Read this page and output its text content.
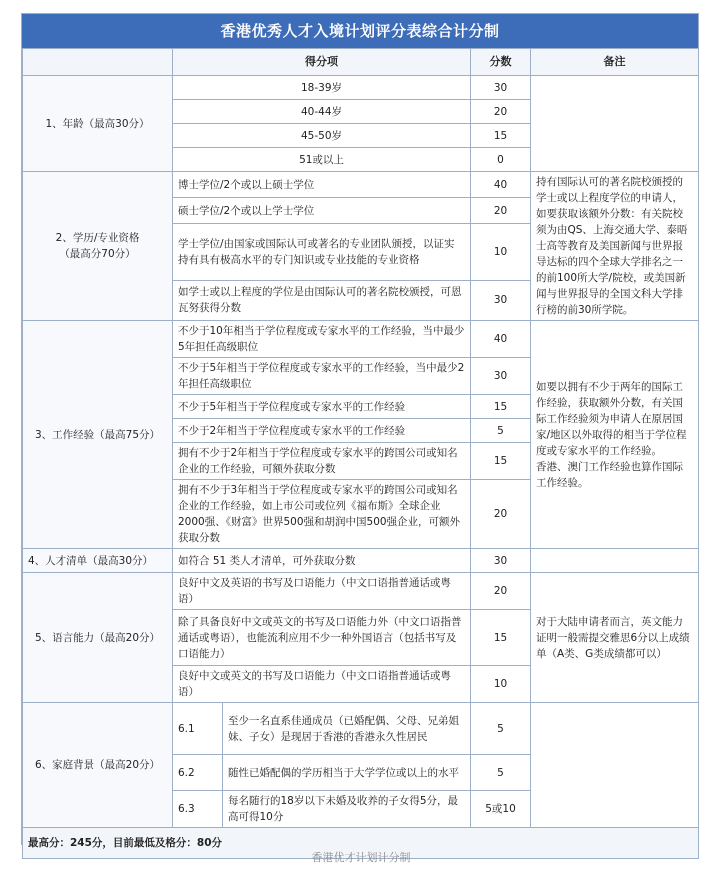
香港优秀人才入境计划评分表综合计分制
	得分项		分数	备注
1、年龄（最高30分）	18-39岁		30	
	40-44岁		20	
	45-50岁		15	
	51或以上		0	

2、学历/专业资格
（最高分70分）	博士学位/2个或以上硕士学位		40	持有国际认可的著名院校颁授的学士或以上程度学位的申请人，如要获取该额外分数：有关院校须为由QS、上海交通大学、泰晤士高等教育及美国新闻与世界报导达标的四个全球大学排名之一的前100所大学/院校，或美国新闻与世界报导的全国文科大学排行榜的前30所学院。
	硕士学位/2个或以上学士学位		20	
	学士学位/由国家或国际认可或著名的专业团队颁授，以证实持有具有极高水平的专门知识或专业技能的专业资格		10	
	如学士或以上程度的学位是由国际认可的著名院校颁授，可恩瓦努获得分数		30	
3、工作经验（最高75分）	不少于10年相当于学位程度或专家水平的工作经验，当中最少5年担任高级职位		40	如要以拥有不少于两年的国际工作经验，获取额外分数，有关国际工作经验须为申请人在原居国家/地区以外取得的相当于学位程度或专家水平的工作经验。
香港、澳门工作经验也算作国际工作经验。
	不少于5年相当于学位程度或专家水平的工作经验，当中最少2年担任高级职位		30	
	不少于5年相当于学位程度或专家水平的工作经验		15	
	不少于2年相当于学位程度或专家水平的工作经验		5	
	拥有不少于2年相当于学位程度或专家水平的跨国公司或知名企业的工作经验，可额外获取分数		15	
	拥有不少于3年相当于学位程度或专家水平的跨国公司或知名企业的工作经验，如上市公司或位列《福布斯》全球企业2000强、《财富》世界500强和胡润中国500强企业，可额外获取分数		20	
4、人才清单（最高30分）	如符合 51 类人才清单，可外获取分数		30	
5、语言能力（最高20分）	良好中文及英语的书写及口语能力（中文口语指普通话或粤语）		20	对于大陆申请者而言，英文能力证明一般需提交雅思6分以上成绩单（A类、G类成绩都可以）
	除了具备良好中文或英文的书写及口语能力外（中文口语指普通话或粤语），也能流利应用不少一种外国语言（包括书写及口语能力）		15	
	良好中文或英文的书写及口语能力（中文口语指普通话或粤语）		10	
6、家庭背景（最高20分）	6.1	至少一名直系佳通成员（已婚配偶、父母、兄弟姐妹、子女）是现居于香港的香港永久性居民	5	
	6.2	随性已婚配偶的学历相当于大学学位或以上的水平	5	
	6.3	每名随行的18岁以下未婚及收养的子女得5分，最高可得10分	5或10	
最高分：245分，目前最低及格分：80分				
香港优才计划计分制
